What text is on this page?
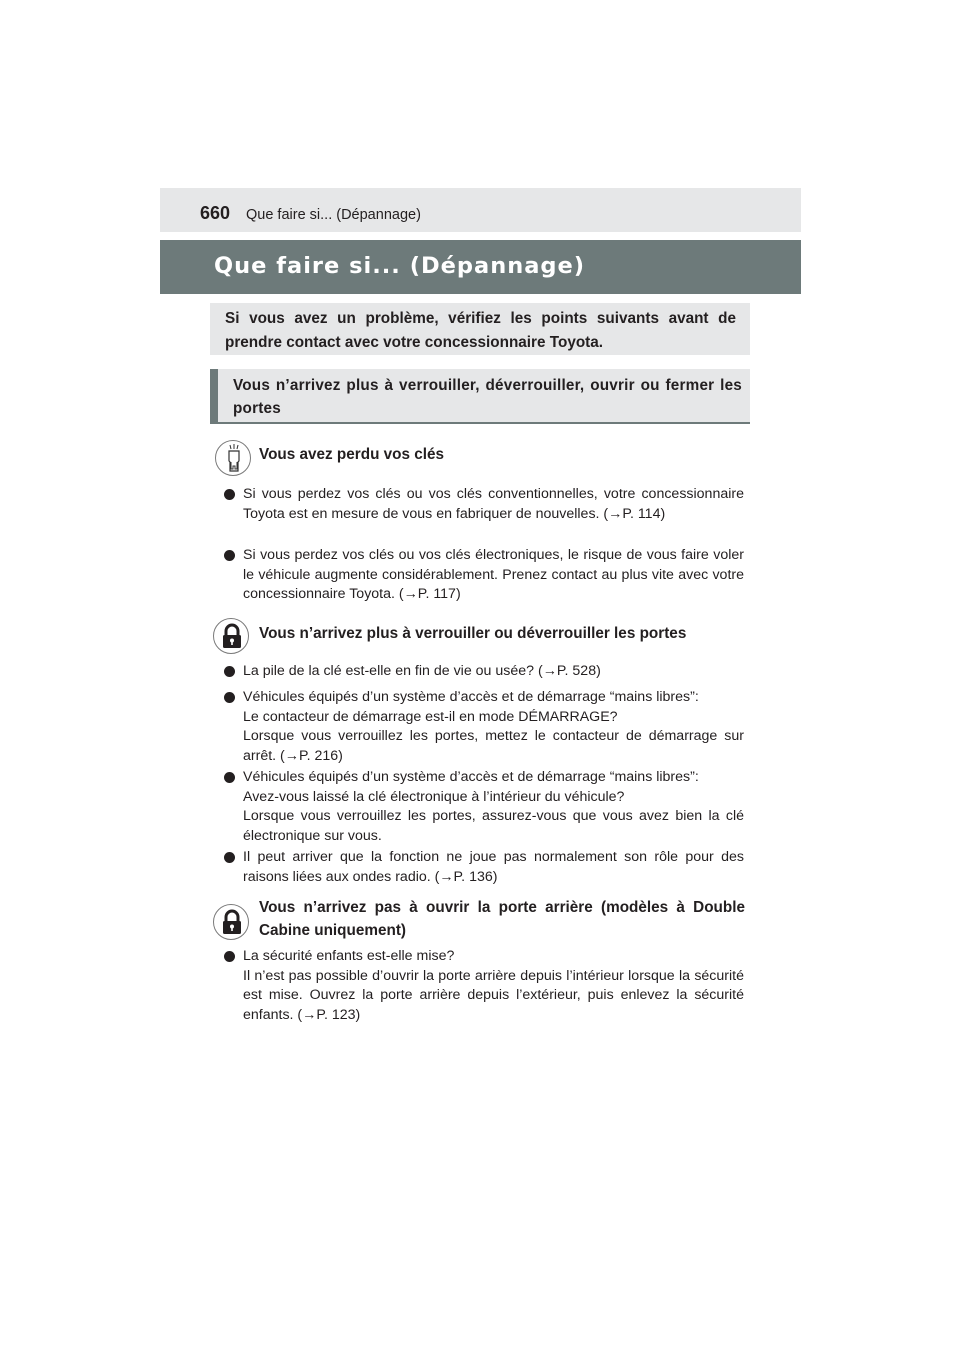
660 Que faire si... (Dépannage)
Que faire si... (Dépannage)
Si vous avez un problème, vérifiez les points suivants avant de prendre contact avec votre concessionnaire Toyota.
Vous n’arrivez plus à verrouiller, déverrouiller, ouvrir ou fermer les portes
Vous avez perdu vos clés
Si vous perdez vos clés ou vos clés conventionnelles, votre concessionnaire Toyota est en mesure de vous en fabriquer de nouvelles. (→P. 114)
Si vous perdez vos clés ou vos clés électroniques, le risque de vous faire voler le véhicule augmente considérablement. Prenez contact au plus vite avec votre concessionnaire Toyota. (→P. 117)
Vous n’arrivez plus à verrouiller ou déverrouiller les portes
La pile de la clé est-elle en fin de vie ou usée? (→P. 528)
Véhicules équipés d’un système d’accès et de démarrage “mains libres”:
Le contacteur de démarrage est-il en mode DÉMARRAGE?
Lorsque vous verrouillez les portes, mettez le contacteur de démarrage sur arrêt. (→P. 216)
Véhicules équipés d’un système d’accès et de démarrage “mains libres”:
Avez-vous laissé la clé électronique à l’intérieur du véhicule?
Lorsque vous verrouillez les portes, assurez-vous que vous avez bien la clé électronique sur vous.
Il peut arriver que la fonction ne joue pas normalement son rôle pour des raisons liées aux ondes radio. (→P. 136)
Vous n’arrivez pas à ouvrir la porte arrière (modèles à Double Cabine uniquement)
La sécurité enfants est-elle mise?
Il n’est pas possible d’ouvrir la porte arrière depuis l’intérieur lorsque la sécurité est mise. Ouvrez la porte arrière depuis l’extérieur, puis enlevez la sécurité enfants. (→P. 123)
